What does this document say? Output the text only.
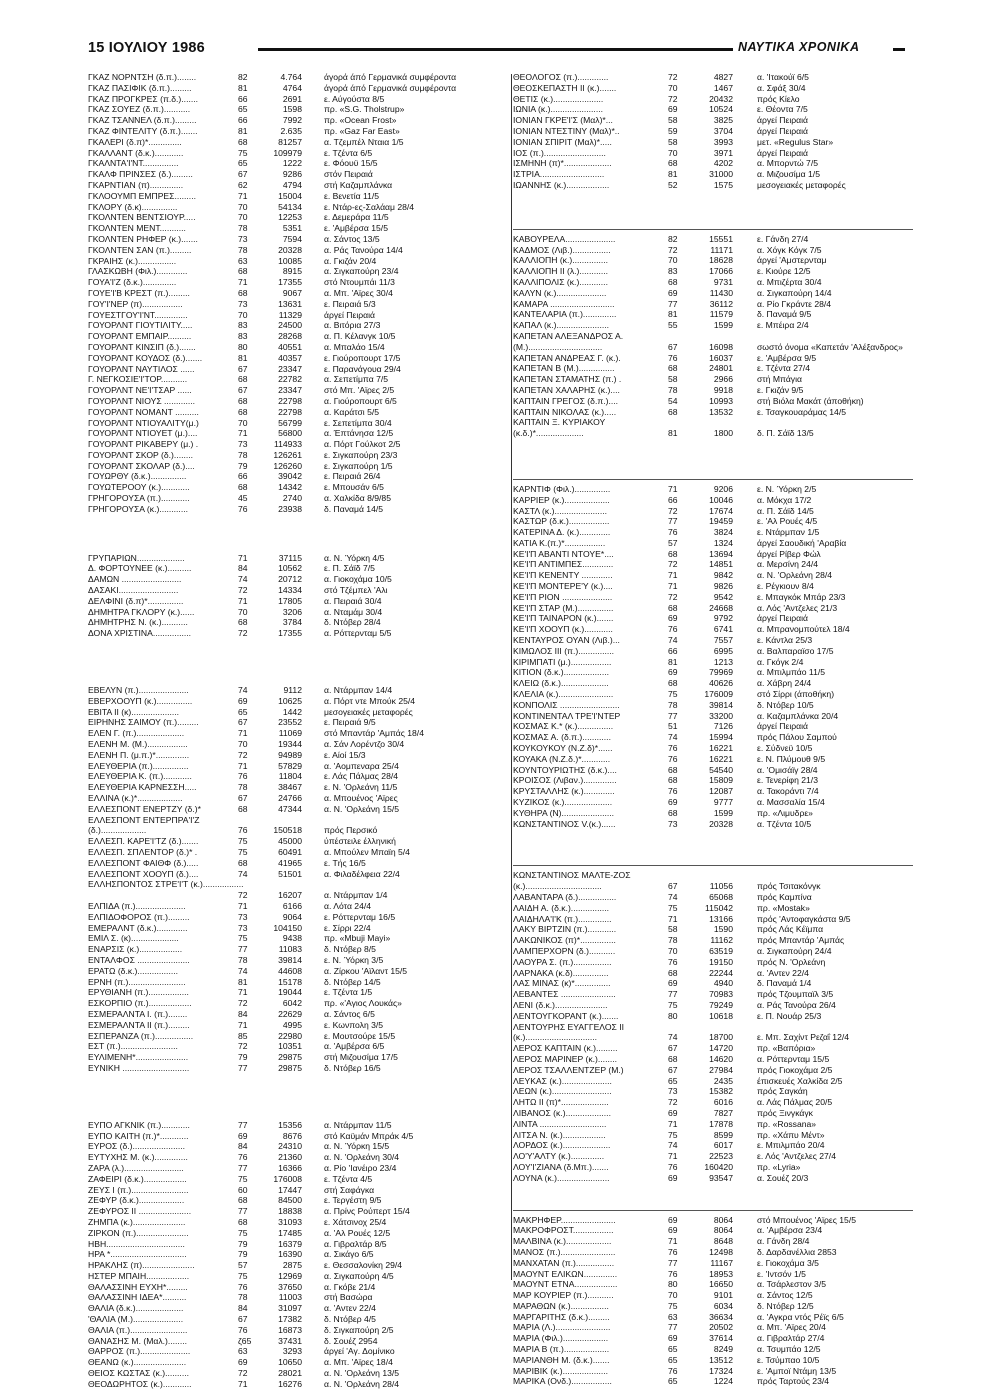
15 ΙΟΥΛΙΟΥ 1986	ΝΑΥΤΙΚΑ ΧΡΟΝΙΚΑ
ΓΚΑΖ ΝΟΡΝΤΣΗ (δ.π.)........	82	4.764	άγορά άπό Γερμανικά συμφέροντα
ΓΚΑΖ ΠΑΣΙΦΙΚ (δ.π.).........	81	4764	άγορά άπό Γερμανικά συμφέροντα
ΓΚΑΖ ΠΡΟΓΚΡΕΣ (π.δ.).......	66	2691	ε. Αύγούστα 8/5
ΓΚΑΖ ΣΟΥΕΖ (δ.π.)...........	65	1598	πρ. «S.G. Tholstrup»
ΓΚΑΖ ΤΣΑΝΝΕΛ (δ.π.).........	66	7992	πρ. «Ocean Frost»
ΓΚΑΖ ΦΙΝΤΕΛΙΤΥ (δ.π.).......	81	2.635	πρ. «Gaz Far East»
ΓΚΑΛΕΡΙ (δ.π)*..............	68	81257	α. Τζεμπέλ Νταια 1/5
ΓΚΑΛΛΑΝΤ (δ.κ.)............	75	109979	ε. Τζέντα 6/5
ΓΚΑΛΝΤΑ'Ι'ΝΤ...............	65	1222	ε. Φόουϋ 15/5
ΓΚΑΛΦ ΠΡΙΝΣΕΣ (δ.).........	67	9286	στόν Πειραιά
ΓΚΑΡΝΤΙΑΝ (π)..............	62	4794	στή Καζαμπλάνκα
ΓΚΛΟΟΥΜΠ ΕΜΠΡΕΣ.........	71	15004	ε. Βενετία 11/5
ΓΚΛΟΡΥ (δ.κ)...............	70	54134	ε. Ντάρ-ες-Σαλάαμ 28/4
ΓΚΟΛΝΤΕΝ ΒΕΝΤΣΙΟΥΡ.....	70	12253	ε. Δεμεράρα 11/5
ΓΚΟΛΝΤΕΝ ΜΕΝΤ...........	78	5351	ε. 'Αμβέρσα 15/5
ΓΚΟΛΝΤΕΝ ΡΗΦΕΡ (κ.).......	73	7594	α. Σάντος 13/5
ΓΚΟΛΝΤΕΝ ΣΑΝ (π.).........	78	20328	α. Ράς Τανούρα 14/4
ΓΚΡΑΙΗΣ (κ.)................	63	10085	α. Γκιζάν 20/4
ΓΛΑΣΚΩΒΗ (Φιλ.).............	68	8915	α. Σιγκαπούρη 23/4
ΓΟΥΑ'Ι'Ζ (δ.κ.)..............	71	17355	στό Ντουμπάι 11/3
ΓΟΥΕ'Ι'Β ΚΡΕΣΤ (π.).........	68	9067	α. Μπ. 'Αϊρες 30/4
ΓΟΥ'Ι'ΝΕΡ (π).................	73	13631	ε. Πειραιά 5/3
ΓΟΥΕΣΤΓΟΥ'Ι'ΝΤ..............	70	11329	άργεί Πειραιά
ΓΟΥΟΡΛΝΤ ΓΙΟΥΤΙΛΙΤΥ.....	83	24500	α. Βιτόρια 27/3
ΓΟΥΟΡΛΝΤ ΕΜΠΑΙΡ..........	83	28268	α. Π. Κέλανγκ 10/5
ΓΟΥΟΡΛΝΤ ΚΙΝΣΙΠ (δ.).......	80	40551	α. Μπαλάο 15/4
ΓΟΥΟΡΛΝΤ ΚΟΥΔΟΣ (δ.).......	81	40357	ε. Γιούροπουρτ 17/5
ΓΟΥΟΡΛΝΤ ΝΑΥΤΙΛΟΣ ......	67	23347	ε. Παρανάγουα 29/4
Γ. ΝΕΓΚΟΣΙΕ'Ι'ΤΟΡ...........	68	22782	α. Σεπετίμπα 7/5
ΓΟΥΟΡΛΝΤ ΝΕ'Ι'ΤΣΑΡ ......	67	23347	στό Μπ. 'Αϊρες 2/5
ΓΟΥΟΡΛΝΤ ΝΙΟΥΣ .............	68	22798	α. Γιούροπουρτ 6/5
ΓΟΥΟΡΛΝΤ ΝΟΜΑΝΤ ..........	68	22798	α. Καράτσι 5/5
ΓΟΥΟΡΛΝΤ ΝΤΙΟΥΑΛΙΤΥ(μ.)	70	56799	ε. Σεπετίμπα 30/4
ΓΟΥΟΡΛΝΤ ΝΤΙΟΥΕΤ (μ.)....	71	56800	α. Έπτάνησα 12/5
ΓΟΥΟΡΛΝΤ ΡΙΚΑΒΕΡΥ (μ.) .	73	114933	α. Πόρτ Γούλκοτ 2/5
ΓΟΥΟΡΛΝΤ ΣΚΟΡ (δ.)........	78	126261	ε. Σιγκαπούρη 23/3
ΓΟΥΟΡΛΝΤ ΣΚΟΛΑΡ (δ.)....	79	126260	ε. Σιγκαπούρη 1/5
ΓΟΥΩΡΘΥ (δ.κ.)...............	66	39042	ε. Πειραιά 26/4
ΓΟΥΩΤΕΡΟΟΥ (κ.)............	68	14342	ε. Μπουσάν 6/5
ΓΡΗΓΟΡΟΥΣΑ (π.)............	45	2740	α. Χαλκίδα 8/9/85
ΓΡΗΓΟΡΟΥΣΑ (κ.)............	76	23938	δ. Παναμά 14/5
ΓΡΥΠΑΡΙΩΝ....................	71	37115	α. Ν. Ύόρκη 4/5
Δ. ΦΟΡΤΟΥΝΕΕ (κ.)..........	84	10562	ε. Π. Σάϊδ 7/5
ΔΑΜΩΝ .........................	74	20712	α. Γιοκοχάμα 10/5
ΔΑΣΑΚΙ.........................	72	14334	στό Τζέμπελ 'Αλι
ΔΕΛΦΙΝΙ (δ.π)*...............	71	17805	α. Πειραιά 30/4
ΔΗΜΗΤΡΑ ΓΚΛΟΡΥ (κ.)......	70	3206	α. Νταμάμ 30/4
ΔΗΜΗΤΡΗΣ Ν. (κ.)...........	68	3784	δ. Ντόβερ 28/4
ΔΟΝΑ ΧΡΙΣΤΙΝΑ................	72	17355	α. Ρόττερνταμ 5/5
ΕΒΕΛΥΝ (π.).....................	74	9112	α. Ντάρμπαν 14/4
ΕΒΕΡΧΟΟΥΠ (κ.)...............	69	10625	α. Πόρτ ντε Μπούκ 25/4
ΕΒΙΤΑ ΙΙ (κ)....................	65	1442	μεσογειακές μεταφορές
ΕΙΡΗΝΗΣ ΣΑΙΜΟΥ (π.).........	67	23552	ε. Πειραιά 9/5
ΕΛΕΝ Γ. (π.)....................	71	11069	στό Μπαντάρ 'Αμπάς 18/4
ΕΛΕΝΗ Μ. (Μ.).................	70	19344	α. Σάν Λορέντζο 30/4
ΕΛΕΝΗ Π. (μ.π.)*..............	72	94989	ε. Αίοί 15/3
ΕΛΕΥΘΕΡΙΑ (π.)...............	71	57829	α. 'Αομπεναρα 25/4
ΕΛΕΥΘΕΡΙΑ Κ. (π.)............	76	11804	ε. Λάς Πάλμας 28/4
ΕΛΕΥΘΕΡΙΑ ΚΑΡΝΕΣΣΗ.....	78	38467	ε. Ν. 'Ορλεάνη 11/5
ΕΛΛΙΝΑ (κ.)*...................	67	24766	α. Μπουένος 'Αϊρες
ΕΛΛΕΣΠΟΝΤ ΕΝΕΡΤΖΥ (δ.)*	68	47344	α. Ν. 'Ορλεάνη 15/5
ΕΛΛΕΣΠΟΝΤ ΕΝΤΕΡΠΡΑ'Ι'Ζ (δ.)...................	76	150518	πρός Περσικό
ΕΛΛΕΣΠ. ΚΑΡΕ'Ι'ΤΖ (δ.).......	75	45000	ύπέστειλε έλληνική
ΕΛΛΕΣΠ. ΣΠΛΕΝΤΟΡ (δ.)* .	75	60491	α. Μπούλεν Μπαϊη 5/4
ΕΛΛΕΣΠΟΝΤ ΦΑΙΘΦ (δ.).....	68	41965	ε. Τής 16/5
ΕΛΛΕΣΠΟΝΤ ΧΟΟΥΠ (δ.)....	74	51501	α. Φιλαδέλφεια 22/4
ΕΛΛΗΣΠΟΝΤΟΣ ΣΤΡΕ'Ι'Τ (κ.).................
72	16207	α. Ντάρμπαν 1/4
ΕΛΠΙΔΑ (π.).....................	71	6166	α. Λότα 24/4
ΕΛΠΙΔΟΦΟΡΟΣ (π.).........	73	9064	ε. Ρόττερνταμ 16/5
ΕΜΕΡΑΛΝΤ (δ.κ.).............	73	104150	ε. Σίρρι 22/4
ΕΜΙΛ Σ. (κ)....................	75	9438	πρ. «Mbuji Mayi»
ΕΝΑΡΣΙΣ (κ.)..................	77	11083	δ. Ντόβερ 8/5
ΕΝΤΑΛΦΟΣ ......................	78	39814	ε. Ν. Ύόρκη 3/5
ΕΡΑΤΩ (δ.κ.).................	74	44608	α. Ζίρκου 'Αϊλαντ 15/5
ΕΡΝΗ (π.)........................	81	15178	δ. Ντόβερ 14/5
ΕΡΥΘΙΑΝΗ (π.).................	71	19044	ε. Τζέντα 1/5
ΕΣΚΟΡΠΙΟ (π.)..................	72	6042	πρ. «'Αγιος Λουκάς»
ΕΣΜΕΡΑΛΝΤΑ Ι. (π.)........	84	22629	α. Σάντος 6/5
ΕΣΜΕΡΑΛΝΤΑ ΙΙ (π.).........	71	4995	ε. Κωνπολη 3/5
ΕΣΠΕΡΑΝΖΑ (π.)................	85	22980	ε. Μουτσούρε 15/5
ΕΣΤ (π.)........................	72	10351	α. 'Αμβέρσα 6/5
ΕΥΛΙΜΕΝΗ*......................	79	29875	στή Μιζουσίμα 17/5
ΕΥΝΙΚΗ ............................	77	29875	δ. Ντόβερ 16/5
ΕΥΠΟ ΑΓΚΝΙΚ (π.)............	77	15356	α. Ντάρμπαν 11/5
ΕΥΠΟ ΚΑΙΤΗ (π.)*............	69	8676	στό Καϋμάν Μπράκ 4/5
ΕΥΡΟΣ (δ.)......................	84	24310	α. Ν. Ύόρκη 15/5
ΕΥΤΥΧΗΣ Μ. (κ.)..............	76	21360	α. Ν. 'Ορλεάνη 30/4
ΖΑΡΑ (λ.).........................	77	16366	α. Ρίο 'Ιανέιρο 23/4
ΖΑΦΕΙΡΙ (δ.κ.)..................	75	176008	ε. Τζέντα 4/5
ΖΕΥΣ Ι (π.)........................	60	17447	στή Σαφάγκα
ΖΕΦΥΡ (δ.κ.)...................	68	84500	ε. Τεργέστη 9/5
ΖΕΦΥΡΟΣ ΙΙ ......................	77	18838	α. Πρίνς Ρούπερτ 15/4
ΖΗΜΠΑ (κ.)......................	68	31093	ε. Χάτσινοχ 25/4
ΖΙΡΚΟΝ (π.)......................	75	17485	α. 'Αλ Ρουές 12/5
ΗΒΗ.................................	79	16379	α. Γιβραλτάρ 8/5
ΗΡΑ *................................	79	16390	α. Σικάγο 6/5
ΗΡΑΚΛΗΣ (π)......................	57	2875	ε. Θεσσαλονίκη 29/4
ΗΣΤΕΡ ΜΠΑΙΗ..................	75	12969	α. Σιγκαπούρη 4/5
ΘΑΛΑΣΣΙΝΗ ΕΥΧΗ*.........	76	37650	α. Γκόβε 21/4
ΘΑΛΑΣΣΙΝΗ ΙΔΕΑ*..........	78	11003	στή Βασώρα
ΘΑΛΙΑ (δ.κ.)....................	84	31097	α. 'Αντεν 22/4
'ΘΑΛΙΑ (Μ.).....................	67	17382	δ. Ντόβερ 4/5
ΘΑΛΙΑ (π.)........................	76	16873	δ. Σιγκαπούρη 2/5
ΘΑΝΑΣΗΣ Μ. (Μαλ.)........	ζ65	37431	δ. Σουέζ 2954
ΘΑΡΡΟΣ (π.).....................	63	3293	άργεί 'Αγ. Δομίνικο
ΘΕΑΝΩ (κ.)......................	69	10650	α. Μπ. 'Αϊρες 18/4
ΘΕΙΟΣ ΚΩΣΤΑΣ (κ.)..........	72	28021	α. Ν. 'Ορλεάνη 13/5
ΘΕΟΔΩΡΗΤΟΣ (κ.)............	71	16276	α. Ν. 'Ορλεάνη 28/4
ΘΕΟΛΟΓΟΣ (π.).............	72	4827	α. 'Ιτακούϊ 6/5
ΘΕΟΣΚΕΠΑΣΤΗ ΙΙ (κ.).......	70	1467	α. Σφάξ 30/4
ΘΕΤΙΣ (κ.).....................	72	20432	πρός Κίελο
ΙΩΝΙΑ (κ.)......................	69	10524	ε. Θέοντα 7/5
ΙΟΝΙΑΝ ΓΚΡΕ'Ι'Σ (Μαλ)*...	58	3825	άργεί Πειραιά
ΙΟΝΙΑΝ ΝΤΕΣΤΙΝΥ (Μαλ)*..	59	3704	άργεί Πειραιά
ΙΟΝΙΑΝ ΣΠΙΡΙΤ (Μαλ)*.....	58	3993	μετ. «Regulus Star»
ΙΟΣ (π.)..........................	70	3971	άργεί Πειραιά
ΙΣΜΗΝΗ (π)*....................	68	4202	α. Μπορντώ 7/5
ΙΣΤΡΙΑ...........................	81	31000	α. Μιζουσίμα 1/5
ΙΩΑΝΝΗΣ (κ.)..................	52	1575	μεσογειακές μεταφορές
ΚΑΒΟΥΡΕΛΑ.....................	82	15551	ε. Γάνδη 27/4
ΚΑΔΜΟΣ (Λιβ.)................	72	11171	α. Χόγκ Κόγκ 7/5
ΚΑΛΛΙΟΠΗ (κ.)...............	70	18628	άργεί 'Αμστερνταμ
ΚΑΛΛΙΟΠΗ ΙΙ (λ.)............	83	17066	ε. Κιούρε 12/5
ΚΑΛΛΙΠΟΛΙΣ (κ.)............	68	9731	α. Μπιζέρτα 30/4
ΚΑΛΥΝ (κ.).....................	69	11430	α. Σιγκαπούρη 14/4
ΚΑΜΑΡΑ ...........................	77	36112	α. Ρίο Γκράντε 28/4
ΚΑΝΤΕΛΑΡΙΑ (π.)..............	81	11579	δ. Παναμά 9/5
ΚΑΠΑΛ (κ.)......................	55	1599	ε. Μπέιρα 2/4
ΚΑΠΕΤΑΝ ΑΛΕΞΑΝΔΡΟΣ Α. (Μ.)...............................	67	16098	σωστό όνομα «Καπετάν 'Αλέξανδρος»
ΚΑΠΕΤΑΝ ΑΝΔΡΕΑΣ Γ. (κ.).	76	16037	ε. 'Αμβέρσα 9/5
ΚΑΠΕΤΑΝ Β (Μ.)...............	68	24801	ε. Τζέντα 27/4
ΚΑΠΕΤΑΝ ΣΤΑΜΑΤΗΣ (π.) .	58	2966	στή Μπάγια
ΚΑΠΕΤΑΝ ΧΑΛΑΡΗΣ (κ.)....	78	9918	ε. Γκιζάν 9/5
ΚΑΠΤΑΙΝ ΓΡΕΓΟΣ (δ.π.)....	54	10993	στή Βιόλα Μακάτ (άποθήκη)
ΚΑΠΤΑΙΝ ΝΙΚΟΛΑΣ (κ.).....	68	13532	ε. Τσαγκουαράμας 14/5
ΚΑΠΤΑΙΝ Ξ. ΚΥΡΙΑΚΟΥ (κ.δ.)*....................	81	1800	δ. Π. Σάϊδ 13/5
ΚΑΡΝΤΙΦ (Φιλ.)...............	71	9206	ε. Ν. Ύόρκη 2/5
ΚΑΡΡΙΕΡ (κ.)...................	66	10046	α. Μόκχα 17/2
ΚΑΣΤΛ (κ.)......................	72	17674	α. Π. Σάϊδ 14/5
ΚΑΣΤΩΡ (δ.κ.).................	77	19459	ε. 'Αλ Ρουές 4/5
ΚΑΤΕΡΙΝΑ Δ. (κ.).............	76	3824	ε. Ντάρμπαν 1/5
ΚΑΤΙΑ Κ.(π.)*.................	57	1324	άργεί Σαουδική 'Αραβία
ΚΕ'Ι'Π ΑΒΑΝΤΙ ΝΤΟΥΕ*....	68	13694	άργεί Ρίβερ Φώλ
ΚΕ'Ι'Π ΑΝΤΙΜΠΕΣ.............	72	14851	α. Μερσίνη 24/4
ΚΕ'Ι'Π ΚΕΝΕΝΤΥ .............	71	9842	α. Ν. 'Ορλεάνη 28/4
ΚΕ'Ι'Π ΜΟΝΤΕΡΕ'Υ (κ.)....	71	9826	ε. Ρέγκιουν 8/4
ΚΕ'Ι'Π ΡΙΟΝ .....................	72	9542	ε. Μπαγκόκ Μπάρ 23/3
ΚΕ'Ι'Π ΣΤΑΡ (Μ.)...............	68	24668	α. Λός 'Αντζελες 21/3
ΚΕ'Ι'Π ΤΑΙΝΑΡΟΝ (κ.).......	69	9792	άργεί Πειραιά
ΚΕ'Ι'Π ΧΟΟΥΠ (κ.)............	76	6741	α. Μπρανομπούτελ 18/4
ΚΕΝΤΑΥΡΟΣ ΟΥΑΝ (Λιβ.)...	74	7557	ε. Κάντλα 25/3
ΚΙΜΩΛΟΣ ΙΙΙ (π.)...............	66	6995	α. Βαλπαραϊσο 17/5
ΚΙΡΙΜΠΑΤΙ (μ.).................	81	1213	α. Γκόγκ 2/4
ΚΙΤΙΟΝ (δ.κ.)...................	69	79969	α. Μπιλμπάο 11/5
ΚΛΕΙΩ (δ.κ.)....................	68	40626	α. Χάβρη 24/4
ΚΛΕΛΙΑ (κ.).......................	75	176009	στό Σίρρι (άποθήκη)
ΚΟΝΠΟΛΙΣ .........................	78	39814	δ. Ντόβερ 10/5
ΚΟΝΤΙΝΕΝΤΑΛ ΤΡΕ'Ι'ΝΤΕΡ	77	33200	α. Καζαμπλάνκα 20/4
ΚΟΣΜΑΣ Κ.* (κ.)...............	51	7126	άργεί Πειραιά
ΚΟΣΜΑΣ Α. (δ.π.)............	74	15994	πρός Πάλου Σαμπού
ΚΟΥΚΟΥΚΟΥ (Ν.Ζ.δ)*......	76	16221	ε. Σύδνεϋ 10/5
ΚΟΥΑΚΑ (Ν.Ζ.δ.)*............	76	16221	ε. Ν. Πλύμουθ 9/5
ΚΟΥΝΤΟΥΡΙΩΤΗΣ (δ.κ.)....	68	54540	α. 'Ομισάϊγ 28/4
ΚΡΟΙΣΟΣ (Λιβαν.)..............	68	15809	ε. Τενερίφη 21/3
ΚΡΥΣΤΑΛΛΗΣ (κ.).............	76	12087	α. Τακοράντι 7/4
ΚΥΖΙΚΟΣ (κ.)....................	69	9777	α. Μασσαλία 15/4
ΚΥΘΗΡΑ (Ν)......................	68	1599	πρ. «Λιμυδρε»
ΚΩΝΣΤΑΝΤΙΝΟΣ V.(κ.)......	73	20328	α. Τζέντα 10/5
ΚΩΝΣΤΑΝΤΙΝΟΣ ΜΑΛΤΕ-ΖΟΣ (κ.)................................	67	11056	πρός Τσιτακόνγκ
ΛΑΒΑΝΤΑΡΑ (δ.)................	74	65068	πρός Καμπίνα
ΛΑΙΔΗ Α. (δ.κ.)................	75	115042	πρ. «Mostak»
ΛΑΙΔΗΛΑ'Ι'Κ (π.)..............	71	13166	πρός 'Αντοφαγκάστα 9/5
ΛΑΚΥ ΒΙΡΤΖΙΝ (π.)............	58	1590	πρός Λάς Κέϊμπα
ΛΑΚΩΝΙΚΟΣ (π)*...............	78	11162	πρός Μπαντάρ 'Αμπάς
ΛΑΜΠΕΡΧΟΡΝ (δ.)...........	70	63519	α. Σιγκαπούρη 24/4
ΛΑΟΥΡΑ Σ. (π.)................	76	19150	πρός Ν. 'Ορλεάνη
ΛΑΡΝΑΚΑ (κ.δ)...............	68	22244	α. 'Αντεν 22/4
ΛΑΣ ΜΙΝΑΣ (κ)*...............	69	4940	δ. Παναμά 1/4
ΛΕΒΑΝΤΕΣ .......................	77	70983	πρός Τζουμπαϊλ 3/5
ΛΕΝΙ (δ.κ.)......................	75	79249	α. Ράς Τανούρα 26/4
ΛΕΝΤΟΥΓΚΟΡΑΝΤ (κ.).......	80	10618	ε. Π. Νουάρ 25/3
ΛΕΝΤΟΥΡΗΣ ΕΥΑΓΓΕΛΟΣ ΙΙ (κ.)..............................	74	18700	ε. Μπ. Σαχίντ Ρεζαΐ 12/4
ΛΕΡΟΣ ΚΑΠΤΑΙΝ (κ.).........	67	14720	πρ. «Βαπόρια»
ΛΕΡΟΣ ΜΑΡΙΝΕΡ (κ.)........	68	14620	α. Ρόττερνταμ 15/5
ΛΕΡΟΣ ΤΣΑΛΛΕΝΤΖΕΡ (Μ.)	67	27984	πρός Γιοκοχάμα 2/5
ΛΕΥΚΑΣ (κ.).....................	65	2435	έπισκευές Χαλκίδα 2/5
ΛΕΩΝ (κ.).........................	73	15382	πρός Σαγκάη
ΛΗΤΩ ΙΙ (π)*....................	72	6016	α. Λάς Πάλμας 20/5
ΛΙΒΑΝΟΣ (κ.)...................	69	7827	πρός Ξινγκάγκ
ΛΙΝΤΑ ............................	71	17878	πρ. «Rossana»
ΛΙΤΣΑ Ν. (κ.)..................	75	8599	πρ. «Χάπυ Μέντ»
ΛΟΡΔΟΣ (κ.)....................	74	6017	ε. Μπιλμπάο 20/4
ΛΟ'Υ'ΑΛΤΥ (κ.)..............	71	22523	ε. Λός 'Αντζελες 27/4
ΛΟΥ'Ι'ΖΙΑΝΑ (δ.Μπ.).......	76	160420	πρ. «Lyria»
ΛΟΥΝΑ (κ.)......................	69	93547	α. Σουέζ 20/3
ΜΑΚΡΗΦΕΡ.......................	69	8064	στό Μπουένος 'Αϊρες 15/5
ΜΑΚΡΟΦΡΟΣΤ.................	69	8064	α. 'Αμβέρσα 23/4
ΜΑΛΒΙΝΑ (κ.)...................	71	8648	α. Γάνδη 28/4
ΜΑΝΟΣ (π.).......................	76	12498	δ. Δαρδανέλλια 2853
ΜΑΝΧΑΤΑΝ (π.)................	77	11167	ε. Γιοκοχάμα 3/5
ΜΑΟΥΝΤ ΕΛΙΚΩΝ..............	76	18953	ε. 'Ιντσόν 1/5
ΜΑΟΥΝΤ ΕΤΝΑ..................	80	16650	α. Τσάρλεστον 3/5
ΜΑΡ ΚΟΥΡΙΕΡ (π.)...........	70	9101	α. Σάντος 12/5
ΜΑΡΑΘΩΝ (κ.)................	75	6034	δ. Ντόβερ 12/5
ΜΑΡΓΑΡΙΤΗΣ (δ.κ.).........	63	36634	α. 'Αγκρα ντός Ρέϊς 6/5
ΜΑΡΙΑ (Λ.).......................	77	20502	α. Μπ. 'Αϊρες 20/4
ΜΑΡΙΑ (Φιλ.)...................	69	37614	α. Γιβραλτάρ 27/4
ΜΑΡΙΑ Β (π.)...................	65	8249	α. Τσυμπάο 12/5
ΜΑΡΙΑΝΘΗ Μ. (δ.κ.).......	65	13512	ε. Τσύμπαο 10/5
ΜΑΡΙΒΙΚ (κ.)...................	76	17324	ε. 'Αμποϊ Ντάμη 13/5
ΜΑΡΙΚΑ (Ονδ.).................	65	1224	πρός Ταρτούς 23/4
